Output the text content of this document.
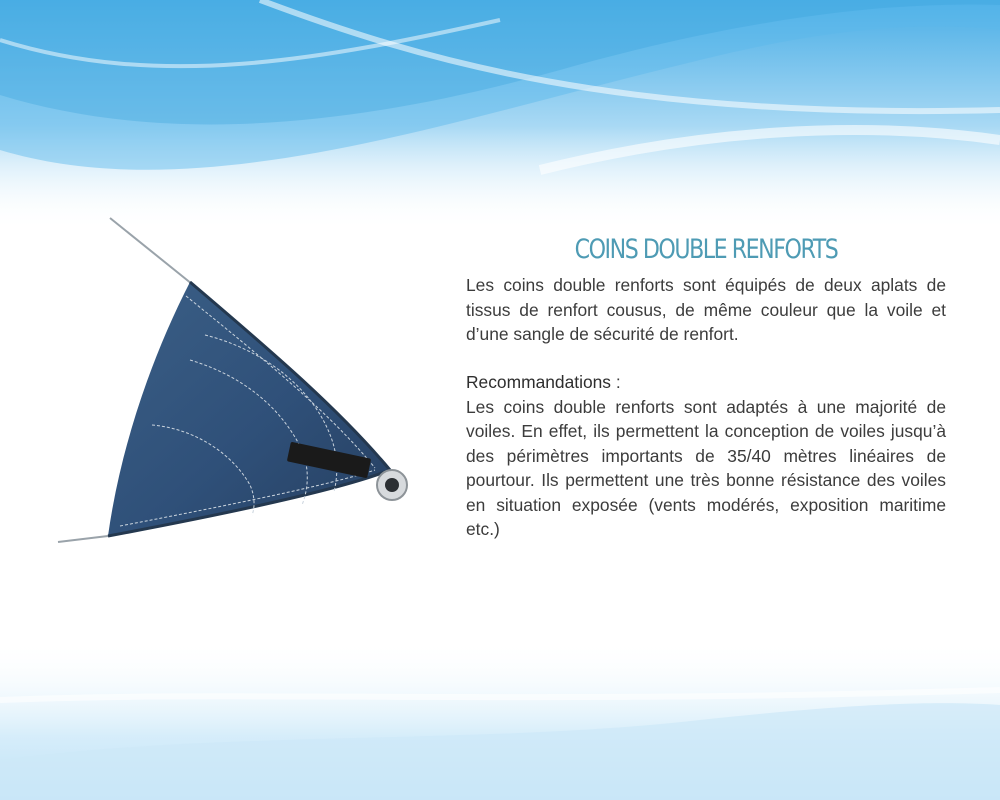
COINS DOUBLE RENFORTS

Les coins double renforts sont équipés de deux aplats de tissus de renfort cousus, de même couleur que la voile et d’une sangle de sécurité de renfort.

Recommandations :
Les coins double renforts sont adaptés à une majorité de voiles. En effet, ils permettent la conception de voiles jusqu’à des périmètres importants de 35/40 mètres linéaires de pourtour. Ils permettent une très bonne résistance des voiles en situation exposée (vents modérés, exposition maritime etc.)
